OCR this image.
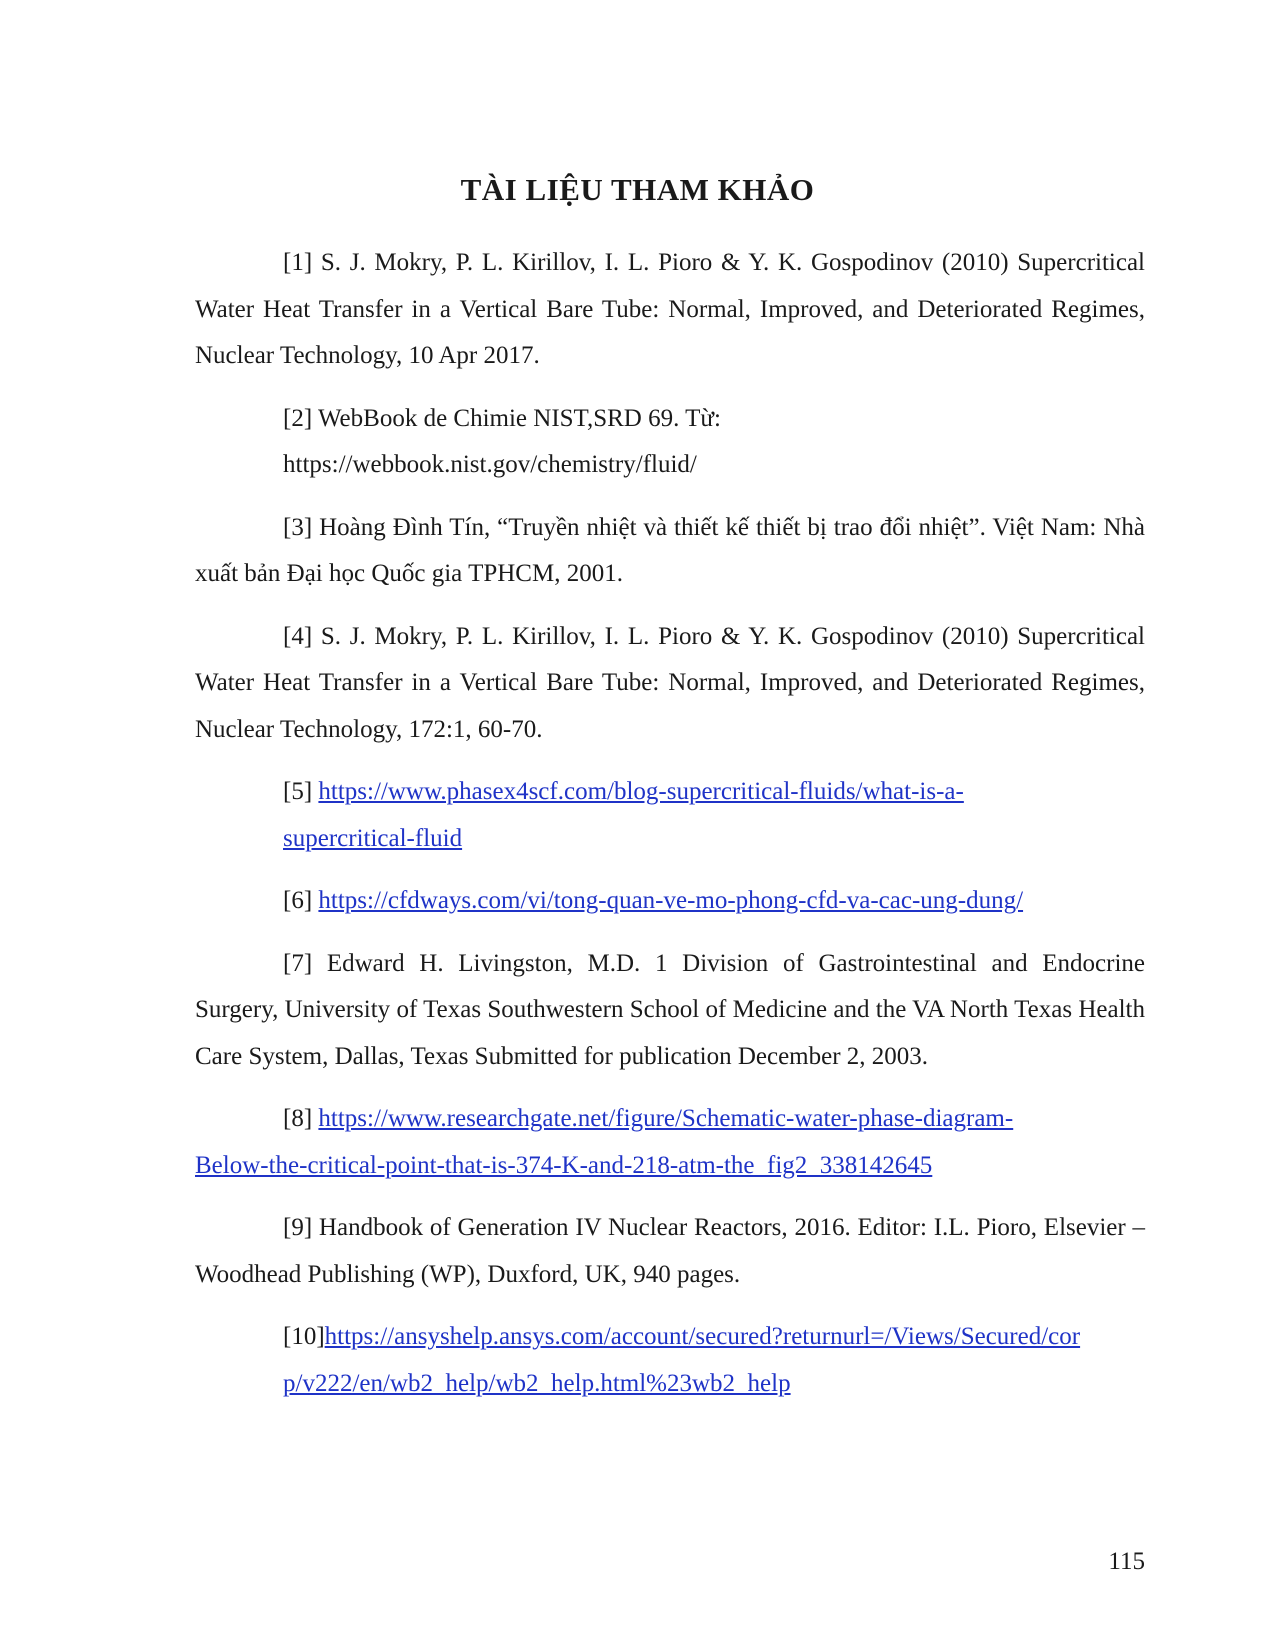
TÀI LIỆU THAM KHẢO

[1] S. J. Mokry, P. L. Kirillov, I. L. Pioro & Y. K. Gospodinov (2010) Supercritical Water Heat Transfer in a Vertical Bare Tube: Normal, Improved, and Deteriorated Regimes, Nuclear Technology, 10 Apr 2017.

[2] WebBook de Chimie NIST,SRD 69. Từ:
https://webbook.nist.gov/chemistry/fluid/

[3] Hoàng Đình Tín, “Truyền nhiệt và thiết kế thiết bị trao đổi nhiệt”. Việt Nam: Nhà xuất bản Đại học Quốc gia TPHCM, 2001.

[4] S. J. Mokry, P. L. Kirillov, I. L. Pioro & Y. K. Gospodinov (2010) Supercritical Water Heat Transfer in a Vertical Bare Tube: Normal, Improved, and Deteriorated Regimes, Nuclear Technology, 172:1, 60-70.

[5] https://www.phasex4scf.com/blog-supercritical-fluids/what-is-a-
supercritical-fluid

[6] https://cfdways.com/vi/tong-quan-ve-mo-phong-cfd-va-cac-ung-dung/

[7] Edward H. Livingston, M.D. 1 Division of Gastrointestinal and Endocrine Surgery, University of Texas Southwestern School of Medicine and the VA North Texas Health Care System, Dallas, Texas Submitted for publication December 2, 2003.

[8] https://www.researchgate.net/figure/Schematic-water-phase-diagram-
Below-the-critical-point-that-is-374-K-and-218-atm-the_fig2_338142645

[9] Handbook of Generation IV Nuclear Reactors, 2016. Editor: I.L. Pioro, Elsevier – Woodhead Publishing (WP), Duxford, UK, 940 pages.

[10]https://ansyshelp.ansys.com/account/secured?returnurl=/Views/Secured/cor
p/v222/en/wb2_help/wb2_help.html%23wb2_help

115
